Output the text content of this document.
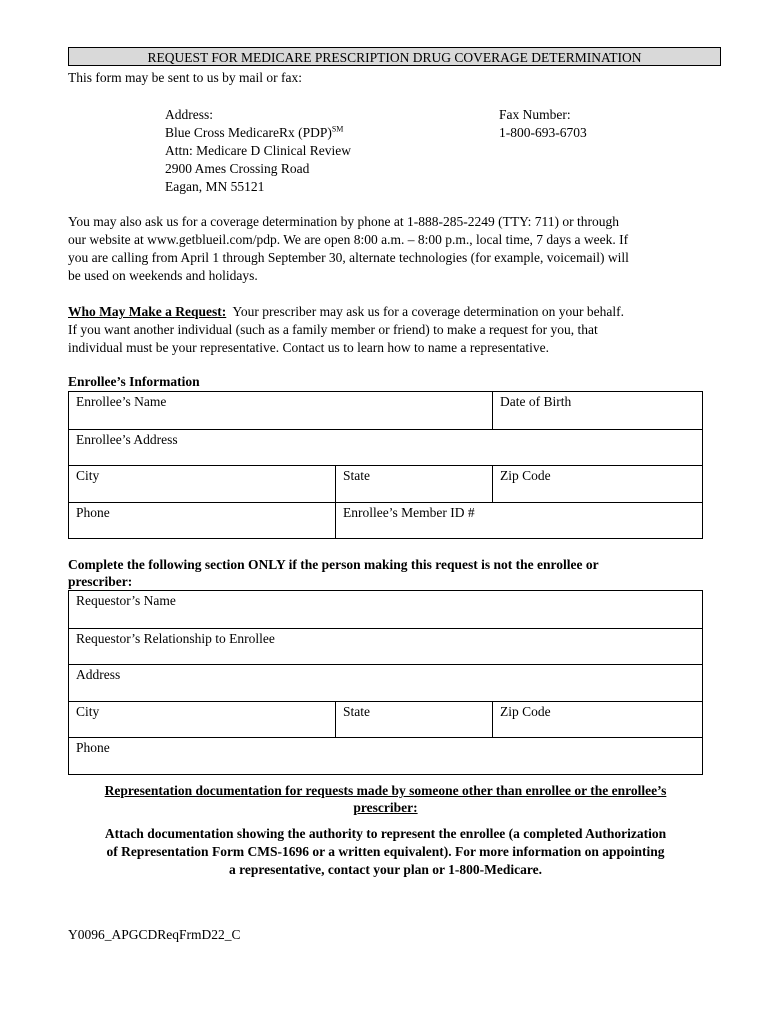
REQUEST FOR MEDICARE PRESCRIPTION DRUG COVERAGE DETERMINATION
This form may be sent to us by mail or fax:
Address:
Blue Cross MedicareRx (PDP)℠
Attn: Medicare D Clinical Review
2900 Ames Crossing Road
Eagan, MN 55121
Fax Number:
1-800-693-6703
You may also ask us for a coverage determination by phone at 1-888-285-2249 (TTY: 711) or through
our website at www.getblueil.com/pdp. We are open 8:00 a.m. – 8:00 p.m., local time, 7 days a week. If
you are calling from April 1 through September 30, alternate technologies (for example, voicemail) will
be used on weekends and holidays.
Who May Make a Request: Your prescriber may ask us for a coverage determination on your behalf.
If you want another individual (such as a family member or friend) to make a request for you, that
individual must be your representative. Contact us to learn how to name a representative.
Enrollee’s Information
Enrollee’s Name	Date of Birth
Enrollee’s Address
City	State	Zip Code
Phone	Enrollee’s Member ID #
Complete the following section ONLY if the person making this request is not the enrollee or
prescriber:
Requestor’s Name
Requestor’s Relationship to Enrollee
Address
City	State	Zip Code
Phone
Representation documentation for requests made by someone other than enrollee or the enrollee’s
prescriber:
Attach documentation showing the authority to represent the enrollee (a completed Authorization
of Representation Form CMS-1696 or a written equivalent). For more information on appointing
a representative, contact your plan or 1-800-Medicare.
Y0096_APGCDReqFrmD22_C
